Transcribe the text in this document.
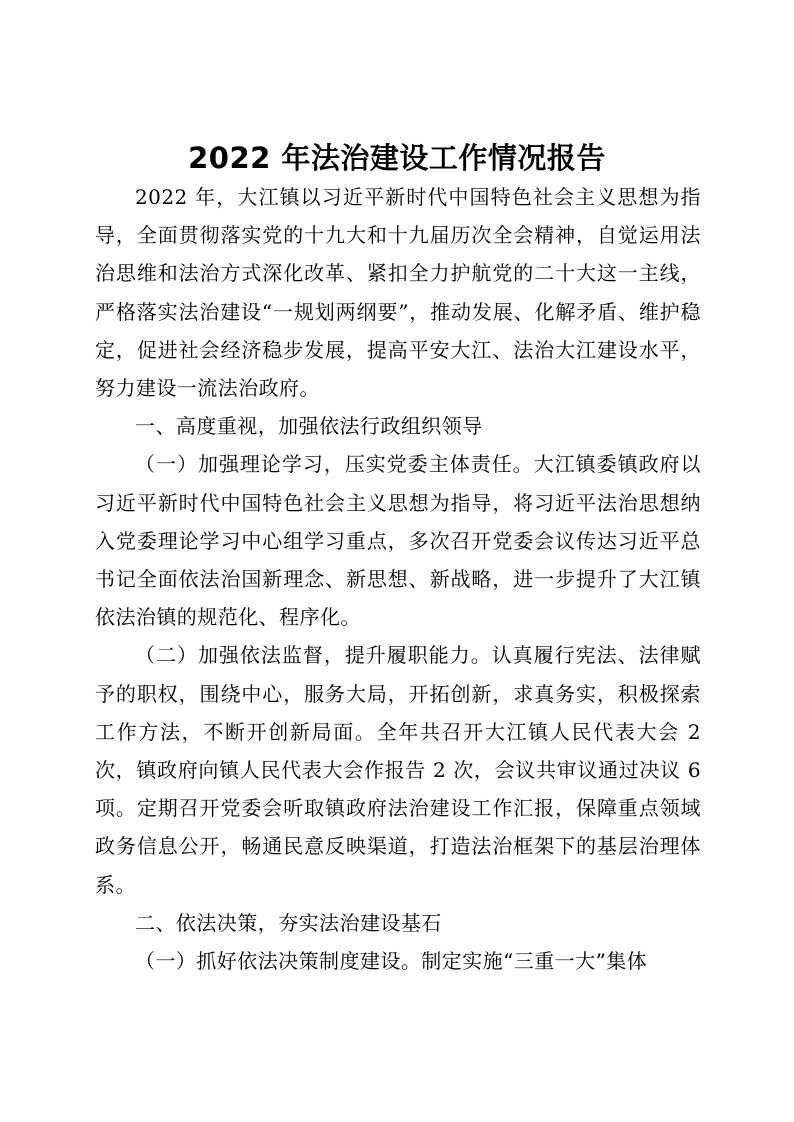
2022 年法治建设工作情况报告

2022 年，大江镇以习近平新时代中国特色社会主义思想为指导，全面贯彻落实党的十九大和十九届历次全会精神，自觉运用法治思维和法治方式深化改革、紧扣全力护航党的二十大这一主线，严格落实法治建设“一规划两纲要”，推动发展、化解矛盾、维护稳定，促进社会经济稳步发展，提高平安大江、法治大江建设水平，努力建设一流法治政府。

一、高度重视，加强依法行政组织领导

（一）加强理论学习，压实党委主体责任。大江镇委镇政府以习近平新时代中国特色社会主义思想为指导，将习近平法治思想纳入党委理论学习中心组学习重点，多次召开党委会议传达习近平总书记全面依法治国新理念、新思想、新战略，进一步提升了大江镇依法治镇的规范化、程序化。

（二）加强依法监督，提升履职能力。认真履行宪法、法律赋予的职权，围绕中心，服务大局，开拓创新，求真务实，积极探索工作方法，不断开创新局面。全年共召开大江镇人民代表大会 2 次，镇政府向镇人民代表大会作报告 2 次，会议共审议通过决议 6 项。定期召开党委会听取镇政府法治建设工作汇报，保障重点领域政务信息公开，畅通民意反映渠道，打造法治框架下的基层治理体系。

二、依法决策，夯实法治建设基石

（一）抓好依法决策制度建设。制定实施“三重一大”集体
